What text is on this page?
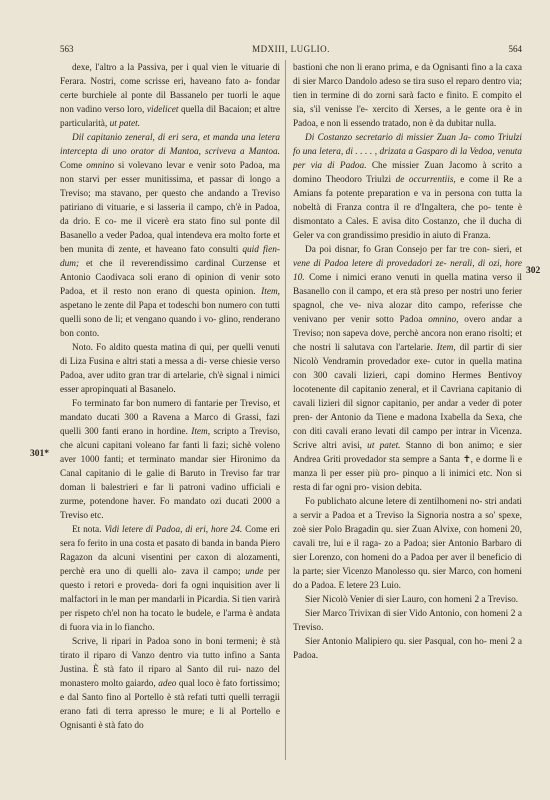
563	MDXIII, LUGLIO.	564

dexe, l'altro a la Passiva, per i qual vien le vituarie di Ferara. Nostri, come scrisse eri, haveano fato a- fondar certe burchiele al ponte dil Bassanelo per tuorli le aque non vadino verso loro, videlicet quella dil Bacaion; et altre particularità, ut patet.

Dil capitanio zeneral, di eri sera, et manda una letera intercepta di uno orator di Mantoa, scriveva a Mantoa. Come omnino si volevano levar e venir soto Padoa, ma non starvi per esser munitissima, et passar di longo a Treviso; ma stavano, per questo che andando a Treviso patiriano di vituarie, e si lasseria il campo, ch'è in Padoa, da drio. E co- me il vicerè era stato fino sul ponte dil Basanello a veder Padoa, qual intendeva era molto forte et ben munita di zente, et haveano fato consulti quid fien- dum; et che il reverendissimo cardinal Curzense et Antonio Caodivaca soli erano di opinion di venir soto Padoa, et il resto non erano di questa opinion. Item, aspetano le zente dil Papa et todeschi bon numero con tutti quelli sono de li; et vengano quando i vo- glino, renderano bon conto.

Noto. Fo aldito questa matina di qui, per quelli venuti di Liza Fusina e altri stati a messa a di- verse chiesie verso Padoa, aver udito gran trar di artelarie, ch'è signal i nimici esser apropinquati al Basanelo.

Fo terminato far bon numero di fantarie per Treviso, et mandato ducati 300 a Ravena a Marco di Grassi, fazi quelli 300 fanti erano in hordine. Item, scripto a Treviso, che alcuni capitani voleano far fanti li fazi; sichè voleno aver 1000 fanti; et terminato mandar sier Hironimo da Canal capitanio di le galie di Baruto in Treviso far trar doman li balestrieri e far li patroni vadino ufficiali e zurme, potendone haver. Fo mandato ozi ducati 2000 a Treviso etc.

Et nota. Vidi letere di Padoa, di eri, hore 24. Come eri sera fo ferito in una costa et pasato di banda in banda Piero Ragazon da alcuni visentini per caxon di alozamenti, perchè era uno di quelli alo- zava il campo; unde per questo i retori e proveda- dori fa ogni inquisition aver li malfactori in le man per mandarli in Picardia. Si tien varirà per rispeto ch'el non ha tocato le budele, e l'arma è andata di fuora via in lo fiancho.

Scrive, li ripari in Padoa sono in boni termeni; è stà tirato il riparo di Vanzo dentro via tutto infino a Santa Justina. È stà fato il riparo al Santo dil rui- nazo del monastero molto gaiardo, adeo qual loco è fato fortissimo; e dal Santo fino al Portello è stà refati tutti quelli terragii erano fati di terra apresso le mure; e li al Portello e Ognisanti è stà fato do

bastioni che non li erano prima, e da Ognisanti fino a la caxa di sier Marco Dandolo adeso se tira suso el reparo dentro via; tien in termine di do zorni sarà facto e finito. E compito el sia, s'il venisse l'e- xercito di Xerses, a le gente ora è in Padoa, e non li essendo tratado, non è da dubitar nulla.

Di Costanzo secretario di missier Zuan Ja- como Triulzi fo una letera, di . . . . , drizata a Gasparo di la Vedoa, venuta per via di Padoa. Che missier Zuan Jacomo à scrito a domino Theodoro Triulzi de occurrentiis, e come il Re a Amians fa potente preparation e va in persona con tutta la nobeltà di Franza contra il re d'Ingaltera, che po- tente è dismontato a Cales. E avisa dito Costanzo, che il ducha di Geler va con grandissimo presidio in aiuto di Franza.

Da poi disnar, fo Gran Consejo per far tre con- sieri, et vene di Padoa letere di provedadori ze- nerali, di ozi, hore 10. Come i nimici erano venuti in quella matina verso il Basanello con il campo, et era stà preso per nostri uno ferier spagnol, che ve- niva alozar dito campo, referisse che venivano per venir sotto Padoa omnino, overo andar a Treviso; non sapeva dove, perchè ancora non erano risolti; et che nostri li salutava con l'artelarie. Item, dil partir di sier Nicolò Vendramin provedador exe- cutor in quella matina con 300 cavali lizieri, capi domino Hermes Bentivoy locotenente dil capitanio zeneral, et il Cavriana capitanio di cavali lizieri dil signor capitanio, per andar a veder di poter pren- der Antonio da Tiene e madona Ixabella da Sexa, che con diti cavali erano levati dil campo per intrar in Vicenza. Scrive altri avisi, ut patet. Stanno di bon animo; e sier Andrea Griti provedador sta sempre a Santa ✝, e dorme lì e manza lì per esser più pro- pinquo a li inimici etc. Non si resta di far ogni pro- vision debita.

Fo publichato alcune letere di zentilhomeni no- stri andati a servir a Padoa et a Treviso la Signoria nostra a so' spexe, zoè sier Polo Bragadin qu. sier Zuan Alvixe, con homeni 20, cavali tre, lui e il raga- zo a Padoa; sier Antonio Barbaro di sier Lorenzo, con homeni do a Padoa per aver il beneficio di la parte; sier Vicenzo Manolesso qu. sier Marco, con homeni do a Padoa. E letere 23 Luio.

Sier Nicolò Venier di sier Lauro, con homeni 2 a Treviso.

Sier Marco Trivixan di sier Vido Antonio, con homeni 2 a Treviso.

Sier Antonio Malipiero qu. sier Pasqual, con ho- meni 2 a Padoa.

301*
302
